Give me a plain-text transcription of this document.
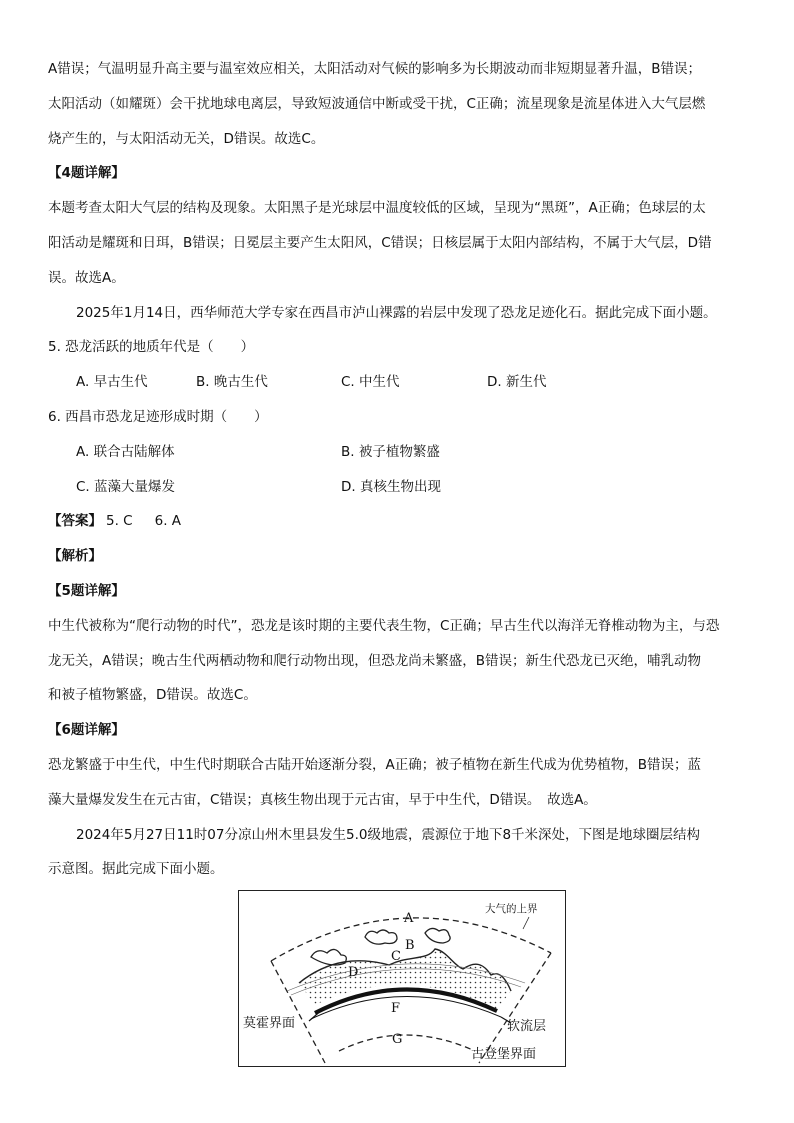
A错误；气温明显升高主要与温室效应相关，太阳活动对气候的影响多为长期波动而非短期显著升温，B错误；
太阳活动（如耀斑）会干扰地球电离层，导致短波通信中断或受干扰，C正确；流星现象是流星体进入大气层燃
烧产生的，与太阳活动无关，D错误。故选C。
【4题详解】
本题考查太阳大气层的结构及现象。太阳黑子是光球层中温度较低的区域，呈现为“黑斑”，A正确；色球层的太
阳活动是耀斑和日珥，B错误；日冕层主要产生太阳风，C错误；日核层属于太阳内部结构，不属于大气层，D错
误。故选A。
2025年1月14日，西华师范大学专家在西昌市泸山裸露的岩层中发现了恐龙足迹化石。据此完成下面小题。
5. 恐龙活跃的地质年代是（　　）
A. 早古生代	B. 晚古生代	C. 中生代	D. 新生代
6. 西昌市恐龙足迹形成时期（　　）
A. 联合古陆解体	B. 被子植物繁盛
C. 蓝藻大量爆发	D. 真核生物出现
【答案】 5. C 6. A
【解析】
【5题详解】
中生代被称为“爬行动物的时代”，恐龙是该时期的主要代表生物，C正确；早古生代以海洋无脊椎动物为主，与恐
龙无关，A错误；晚古生代两栖动物和爬行动物出现，但恐龙尚未繁盛，B错误；新生代恐龙已灭绝，哺乳动物
和被子植物繁盛，D错误。故选C。
【6题详解】
恐龙繁盛于中生代，中生代时期联合古陆开始逐渐分裂，A正确；被子植物在新生代成为优势植物，B错误；蓝
藻大量爆发发生在元古宙，C错误；真核生物出现于元古宙，早于中生代，D错误。　故选A。
2024年5月27日11时07分凉山州木里县发生5.0级地震，震源位于地下8千米深处，下图是地球圈层结构
示意图。据此完成下面小题。
A
B
C
D
F
G
大气的上界
莫霍界面	软流层
古登堡界面
